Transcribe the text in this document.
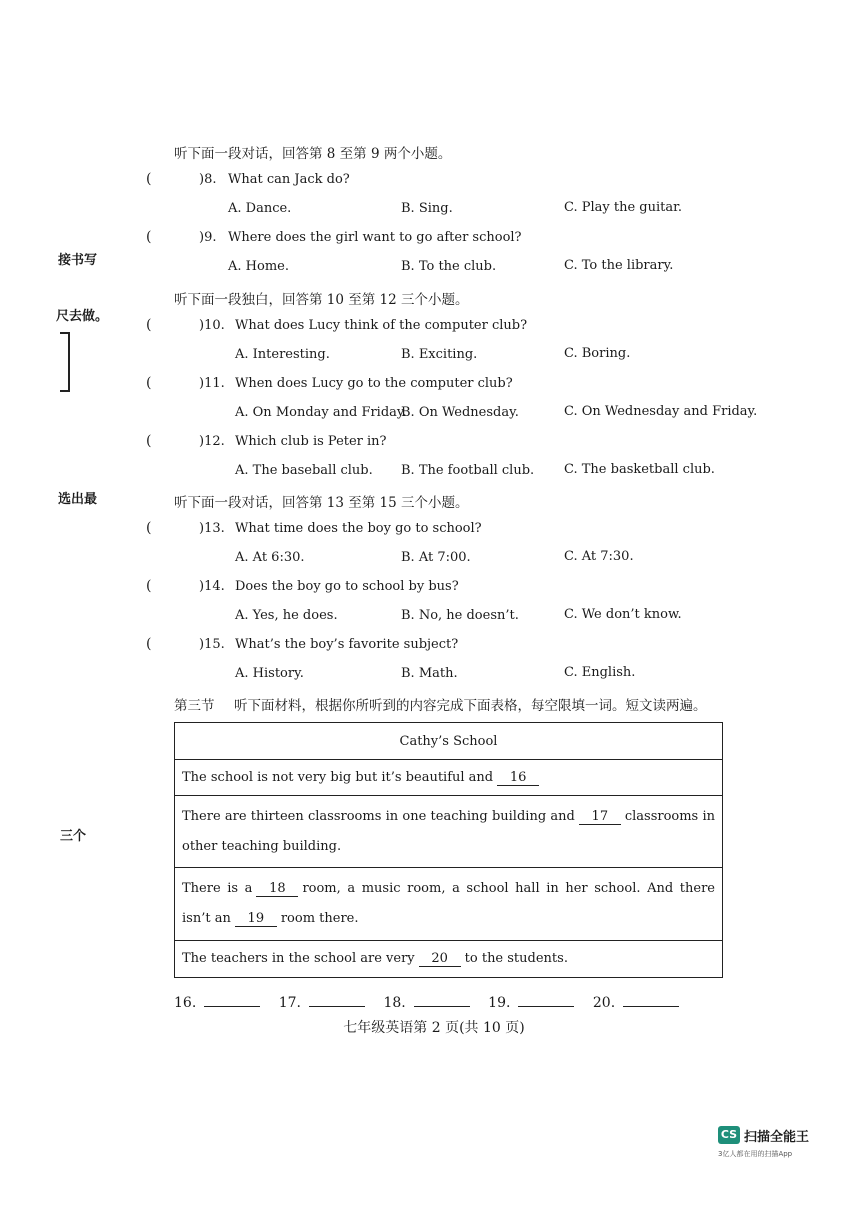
接书写
尺去做。
选出最
三个
听下面一段对话，回答第 8 至第 9 两个小题。
(	)8. What can Jack do?
A. Dance.	B. Sing.	C. Play the guitar.
(	)9. Where does the girl want to go after school?
A. Home.	B. To the club.	C. To the library.
听下面一段独白，回答第 10 至第 12 三个小题。
(	)10. What does Lucy think of the computer club?
A. Interesting.	B. Exciting.	C. Boring.
(	)11. When does Lucy go to the computer club?
A. On Monday and Friday.
B. On Wednesday.	C. On Wednesday and Friday.
(	)12. Which club is Peter in?
A. The baseball club. B. The football club. C. The basketball club.
听下面一段对话，回答第 13 至第 15 三个小题。
(	)13. What time does the boy go to school?
A. At 6:30.	B. At 7:00.	C. At 7:30.
(	)14. Does the boy go to school by bus?
A. Yes, he does.	B. No, he doesn’t.	C. We don’t know.
(	)15. What’s the boy’s favorite subject?
A. History.	B. Math.	C. English.
第三节 听下面材料，根据你所听到的内容完成下面表格，每空限填一词。短文读两遍。
Cathy’s School
The school is not very big but it’s beautiful and 16
There are thirteen classrooms in one teaching building and 17 classrooms in other teaching building.
There is a 18 room, a music room, a school hall in her school. And there isn’t an 19 room there.
The teachers in the school are very 20 to the students.
16.	17.	18.	19.	20.
七年级英语第 2 页(共 10 页)
CS 扫描全能王
3亿人都在用的扫描App
